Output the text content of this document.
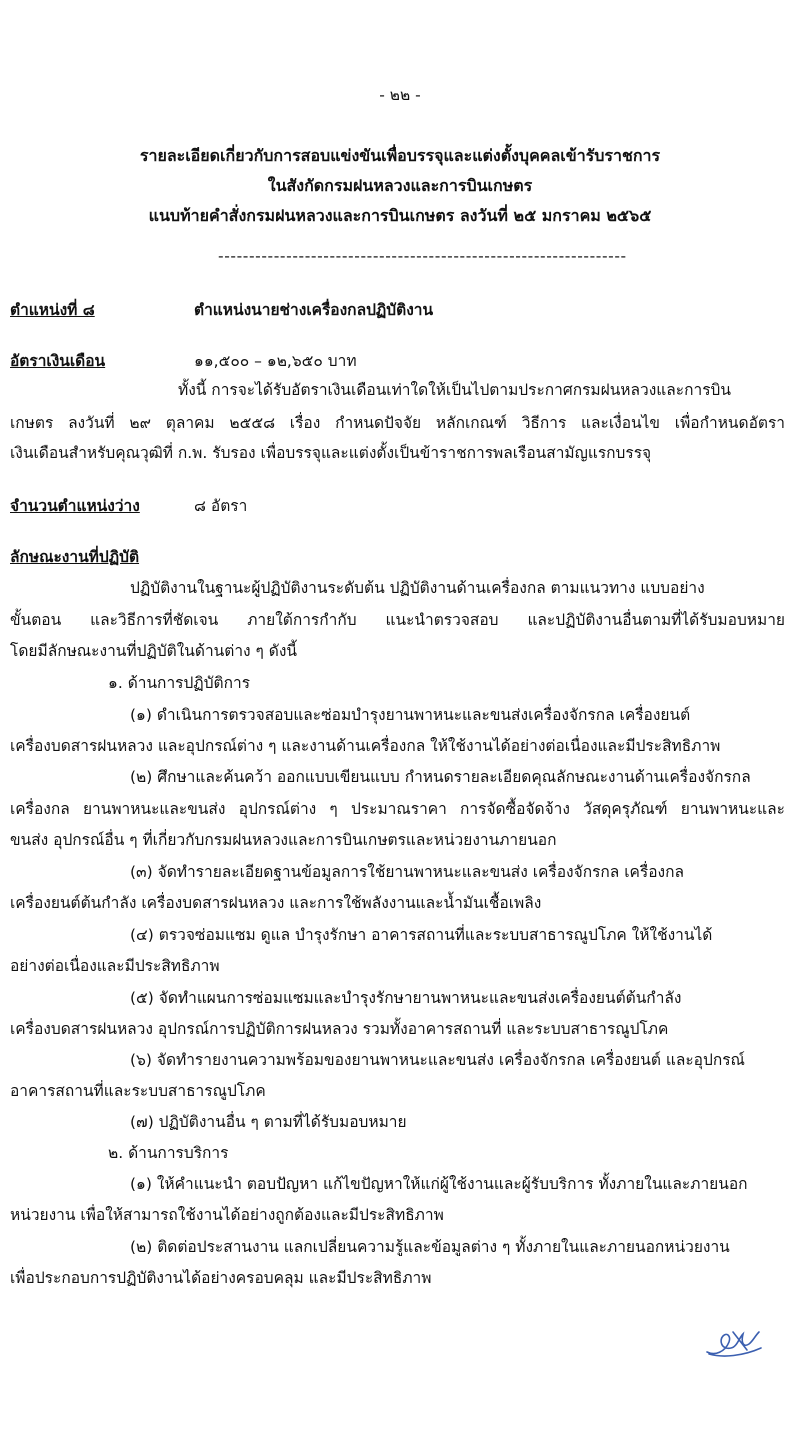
- ๒๒ -
รายละเอียดเกี่ยวกับการสอบแข่งขันเพื่อบรรจุและแต่งตั้งบุคคลเข้ารับราชการ
ในสังกัดกรมฝนหลวงและการบินเกษตร
แนบท้ายคำสั่งกรมฝนหลวงและการบินเกษตร ลงวันที่ ๒๕ มกราคม ๒๕๖๕
------------------------------------------------------------------
ตำแหน่งที่ ๘	ตำแหน่งนายช่างเครื่องกลปฏิบัติงาน
อัตราเงินเดือน	๑๑,๕๐๐ – ๑๒,๖๕๐ บาท
ทั้งนี้ การจะได้รับอัตราเงินเดือนเท่าใดให้เป็นไปตามประกาศกรมฝนหลวงและการบิน
เกษตร ลงวันที่ ๒๙ ตุลาคม ๒๕๕๘ เรื่อง กำหนดปัจจัย หลักเกณฑ์ วิธีการ และเงื่อนไข เพื่อกำหนดอัตรา
เงินเดือนสำหรับคุณวุฒิที่ ก.พ. รับรอง เพื่อบรรจุและแต่งตั้งเป็นข้าราชการพลเรือนสามัญแรกบรรจุ
จำนวนตำแหน่งว่าง	๘ อัตรา
ลักษณะงานที่ปฏิบัติ
ปฏิบัติงานในฐานะผู้ปฏิบัติงานระดับต้น ปฏิบัติงานด้านเครื่องกล ตามแนวทาง แบบอย่าง
ขั้นตอน และวิธีการที่ชัดเจน ภายใต้การกำกับ แนะนำตรวจสอบ และปฏิบัติงานอื่นตามที่ได้รับมอบหมาย
โดยมีลักษณะงานที่ปฏิบัติในด้านต่าง ๆ ดังนี้
๑. ด้านการปฏิบัติการ
(๑) ดำเนินการตรวจสอบและซ่อมบำรุงยานพาหนะและขนส่งเครื่องจักรกล เครื่องยนต์
เครื่องบดสารฝนหลวง และอุปกรณ์ต่าง ๆ และงานด้านเครื่องกล ให้ใช้งานได้อย่างต่อเนื่องและมีประสิทธิภาพ
(๒) ศึกษาและค้นคว้า ออกแบบเขียนแบบ กำหนดรายละเอียดคุณลักษณะงานด้านเครื่องจักรกล
เครื่องกล ยานพาหนะและขนส่ง อุปกรณ์ต่าง ๆ ประมาณราคา การจัดซื้อจัดจ้าง วัสดุครุภัณฑ์ ยานพาหนะและ
ขนส่ง อุปกรณ์อื่น ๆ ที่เกี่ยวกับกรมฝนหลวงและการบินเกษตรและหน่วยงานภายนอก
(๓) จัดทำรายละเอียดฐานข้อมูลการใช้ยานพาหนะและขนส่ง เครื่องจักรกล เครื่องกล
เครื่องยนต์ต้นกำลัง เครื่องบดสารฝนหลวง และการใช้พลังงานและน้ำมันเชื้อเพลิง
(๔) ตรวจซ่อมแซม ดูแล บำรุงรักษา อาคารสถานที่และระบบสาธารณูปโภค ให้ใช้งานได้
อย่างต่อเนื่องและมีประสิทธิภาพ
(๕) จัดทำแผนการซ่อมแซมและบำรุงรักษายานพาหนะและขนส่งเครื่องยนต์ต้นกำลัง
เครื่องบดสารฝนหลวง อุปกรณ์การปฏิบัติการฝนหลวง รวมทั้งอาคารสถานที่ และระบบสาธารณูปโภค
(๖) จัดทำรายงานความพร้อมของยานพาหนะและขนส่ง เครื่องจักรกล เครื่องยนต์ และอุปกรณ์
อาคารสถานที่และระบบสาธารณูปโภค
(๗) ปฏิบัติงานอื่น ๆ ตามที่ได้รับมอบหมาย
๒. ด้านการบริการ
(๑) ให้คำแนะนำ ตอบปัญหา แก้ไขปัญหาให้แก่ผู้ใช้งานและผู้รับบริการ ทั้งภายในและภายนอก
หน่วยงาน เพื่อให้สามารถใช้งานได้อย่างถูกต้องและมีประสิทธิภาพ
(๒) ติดต่อประสานงาน แลกเปลี่ยนความรู้และข้อมูลต่าง ๆ ทั้งภายในและภายนอกหน่วยงาน
เพื่อประกอบการปฏิบัติงานได้อย่างครอบคลุม และมีประสิทธิภาพ
